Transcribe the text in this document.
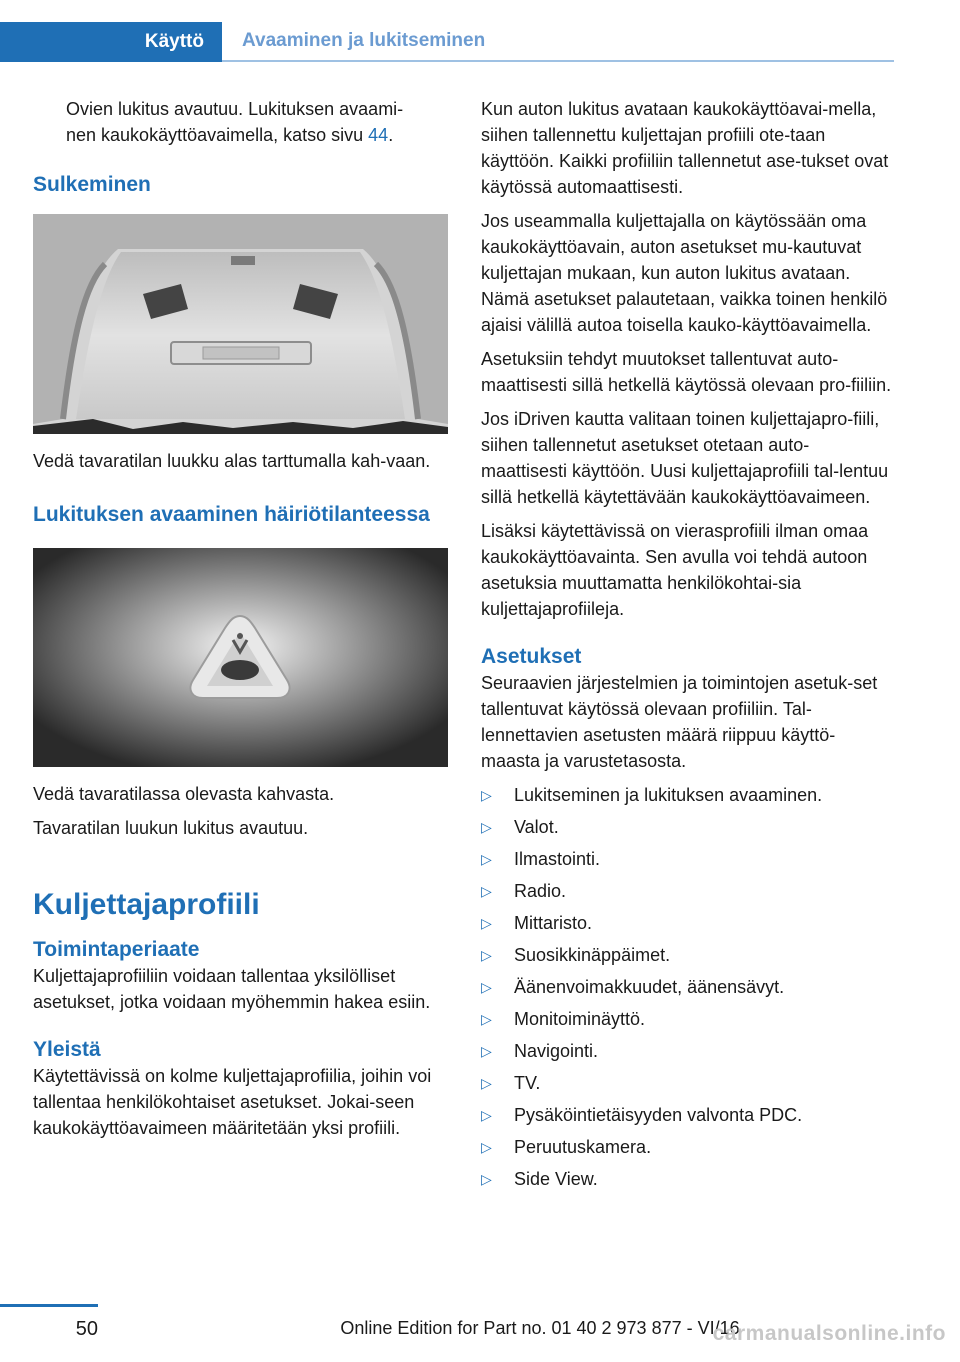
Käyttö Avaaminen ja lukitseminen

Ovien lukitus avautuu. Lukituksen avaami‐
nen kaukokäyttöavaimella, katso sivu 44.

Sulkeminen

Vedä tavaratilan luukku alas tarttumalla kah‐vaan.

Lukituksen avaaminen häiriötilanteessa

Vedä tavaratilassa olevasta kahvasta.

Tavaratilan luukun lukitus avautuu.

Kuljettajaprofiili
Toimintaperiaate

Kuljettajaprofiiliin voidaan tallentaa yksilölliset asetukset, jotka voidaan myöhemmin hakea esiin.

Yleistä

Käytettävissä on kolme kuljettajaprofiilia, joihin voi tallentaa henkilökohtaiset asetukset. Jokai‐seen kaukokäyttöavaimeen määritetään yksi profiili.

Kun auton lukitus avataan kaukokäyttöavai‐mella, siihen tallennettu kuljettajan profiili ote‐taan käyttöön. Kaikki profiiliin tallennetut ase‐tukset ovat käytössä automaattisesti.

Jos useammalla kuljettajalla on käytössään oma kaukokäyttöavain, auton asetukset mu‐kautuvat kuljettajan mukaan, kun auton lukitus avataan. Nämä asetukset palautetaan, vaikka toinen henkilö ajaisi välillä autoa toisella kauko‐käyttöavaimella.

Asetuksiin tehdyt muutokset tallentuvat auto‐maattisesti sillä hetkellä käytössä olevaan pro‐fiiliin.

Jos iDriven kautta valitaan toinen kuljettajapro‐fiili, siihen tallennetut asetukset otetaan auto‐maattisesti käyttöön. Uusi kuljettajaprofiili tal‐lentuu sillä hetkellä käytettävään kaukokäyttöavaimeen.

Lisäksi käytettävissä on vierasprofiili ilman omaa kaukokäyttöavainta. Sen avulla voi tehdä autoon asetuksia muuttamatta henkilökohtai‐sia kuljettajaprofiileja.

Asetukset

Seuraavien järjestelmien ja toimintojen asetuk‐set tallentuvat käytössä olevaan profiiliin. Tal‐lennettavien asetusten määrä riippuu käyttö‐maasta ja varustetasosta.

▷ Lukitseminen ja lukituksen avaaminen.
▷ Valot.
▷ Ilmastointi.
▷ Radio.
▷ Mittaristo.
▷ Suosikkinäppäimet.
▷ Äänenvoimakkuudet, äänensävyt.
▷ Monitoiminäyttö.
▷ Navigointi.
▷ TV.
▷ Pysäköintietäisyyden valvonta PDC.
▷ Peruutuskamera.
▷ Side View.
50	Online Edition for Part no. 01 40 2 973 877 - VI/16
carmanualsonline.info
